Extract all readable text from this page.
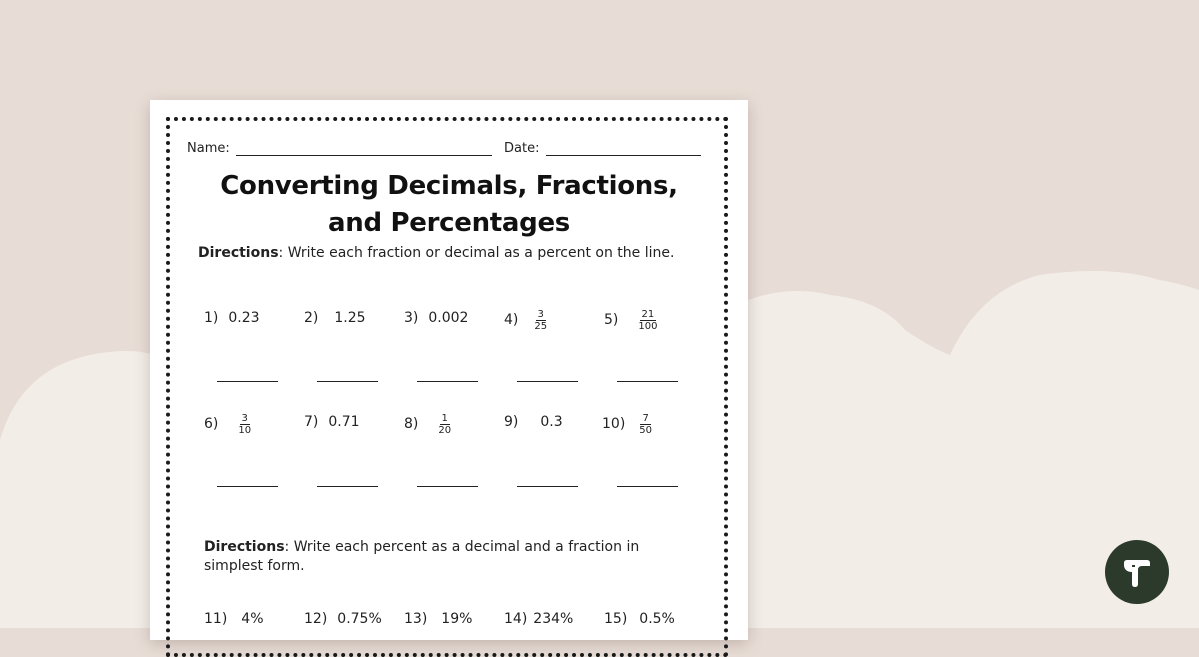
Name:	Date:
Converting Decimals, Fractions,
and Percentages
Directions: Write each fraction or decimal as a percent on the line.
1) 0.23	2) 1.25	3) 0.002	$4) \frac{3}{25}$	$5) \frac{21}{100}$
$6) \frac{3}{10}$	7) 0.71	$8) \frac{1}{20}$	9) 0.3	$10) \frac{7}{50}$
Directions: Write each percent as a decimal and a fraction in
simplest form.
11) 4%	12) 0.75% 13) 19% 14) 234% 15) 0.5%
